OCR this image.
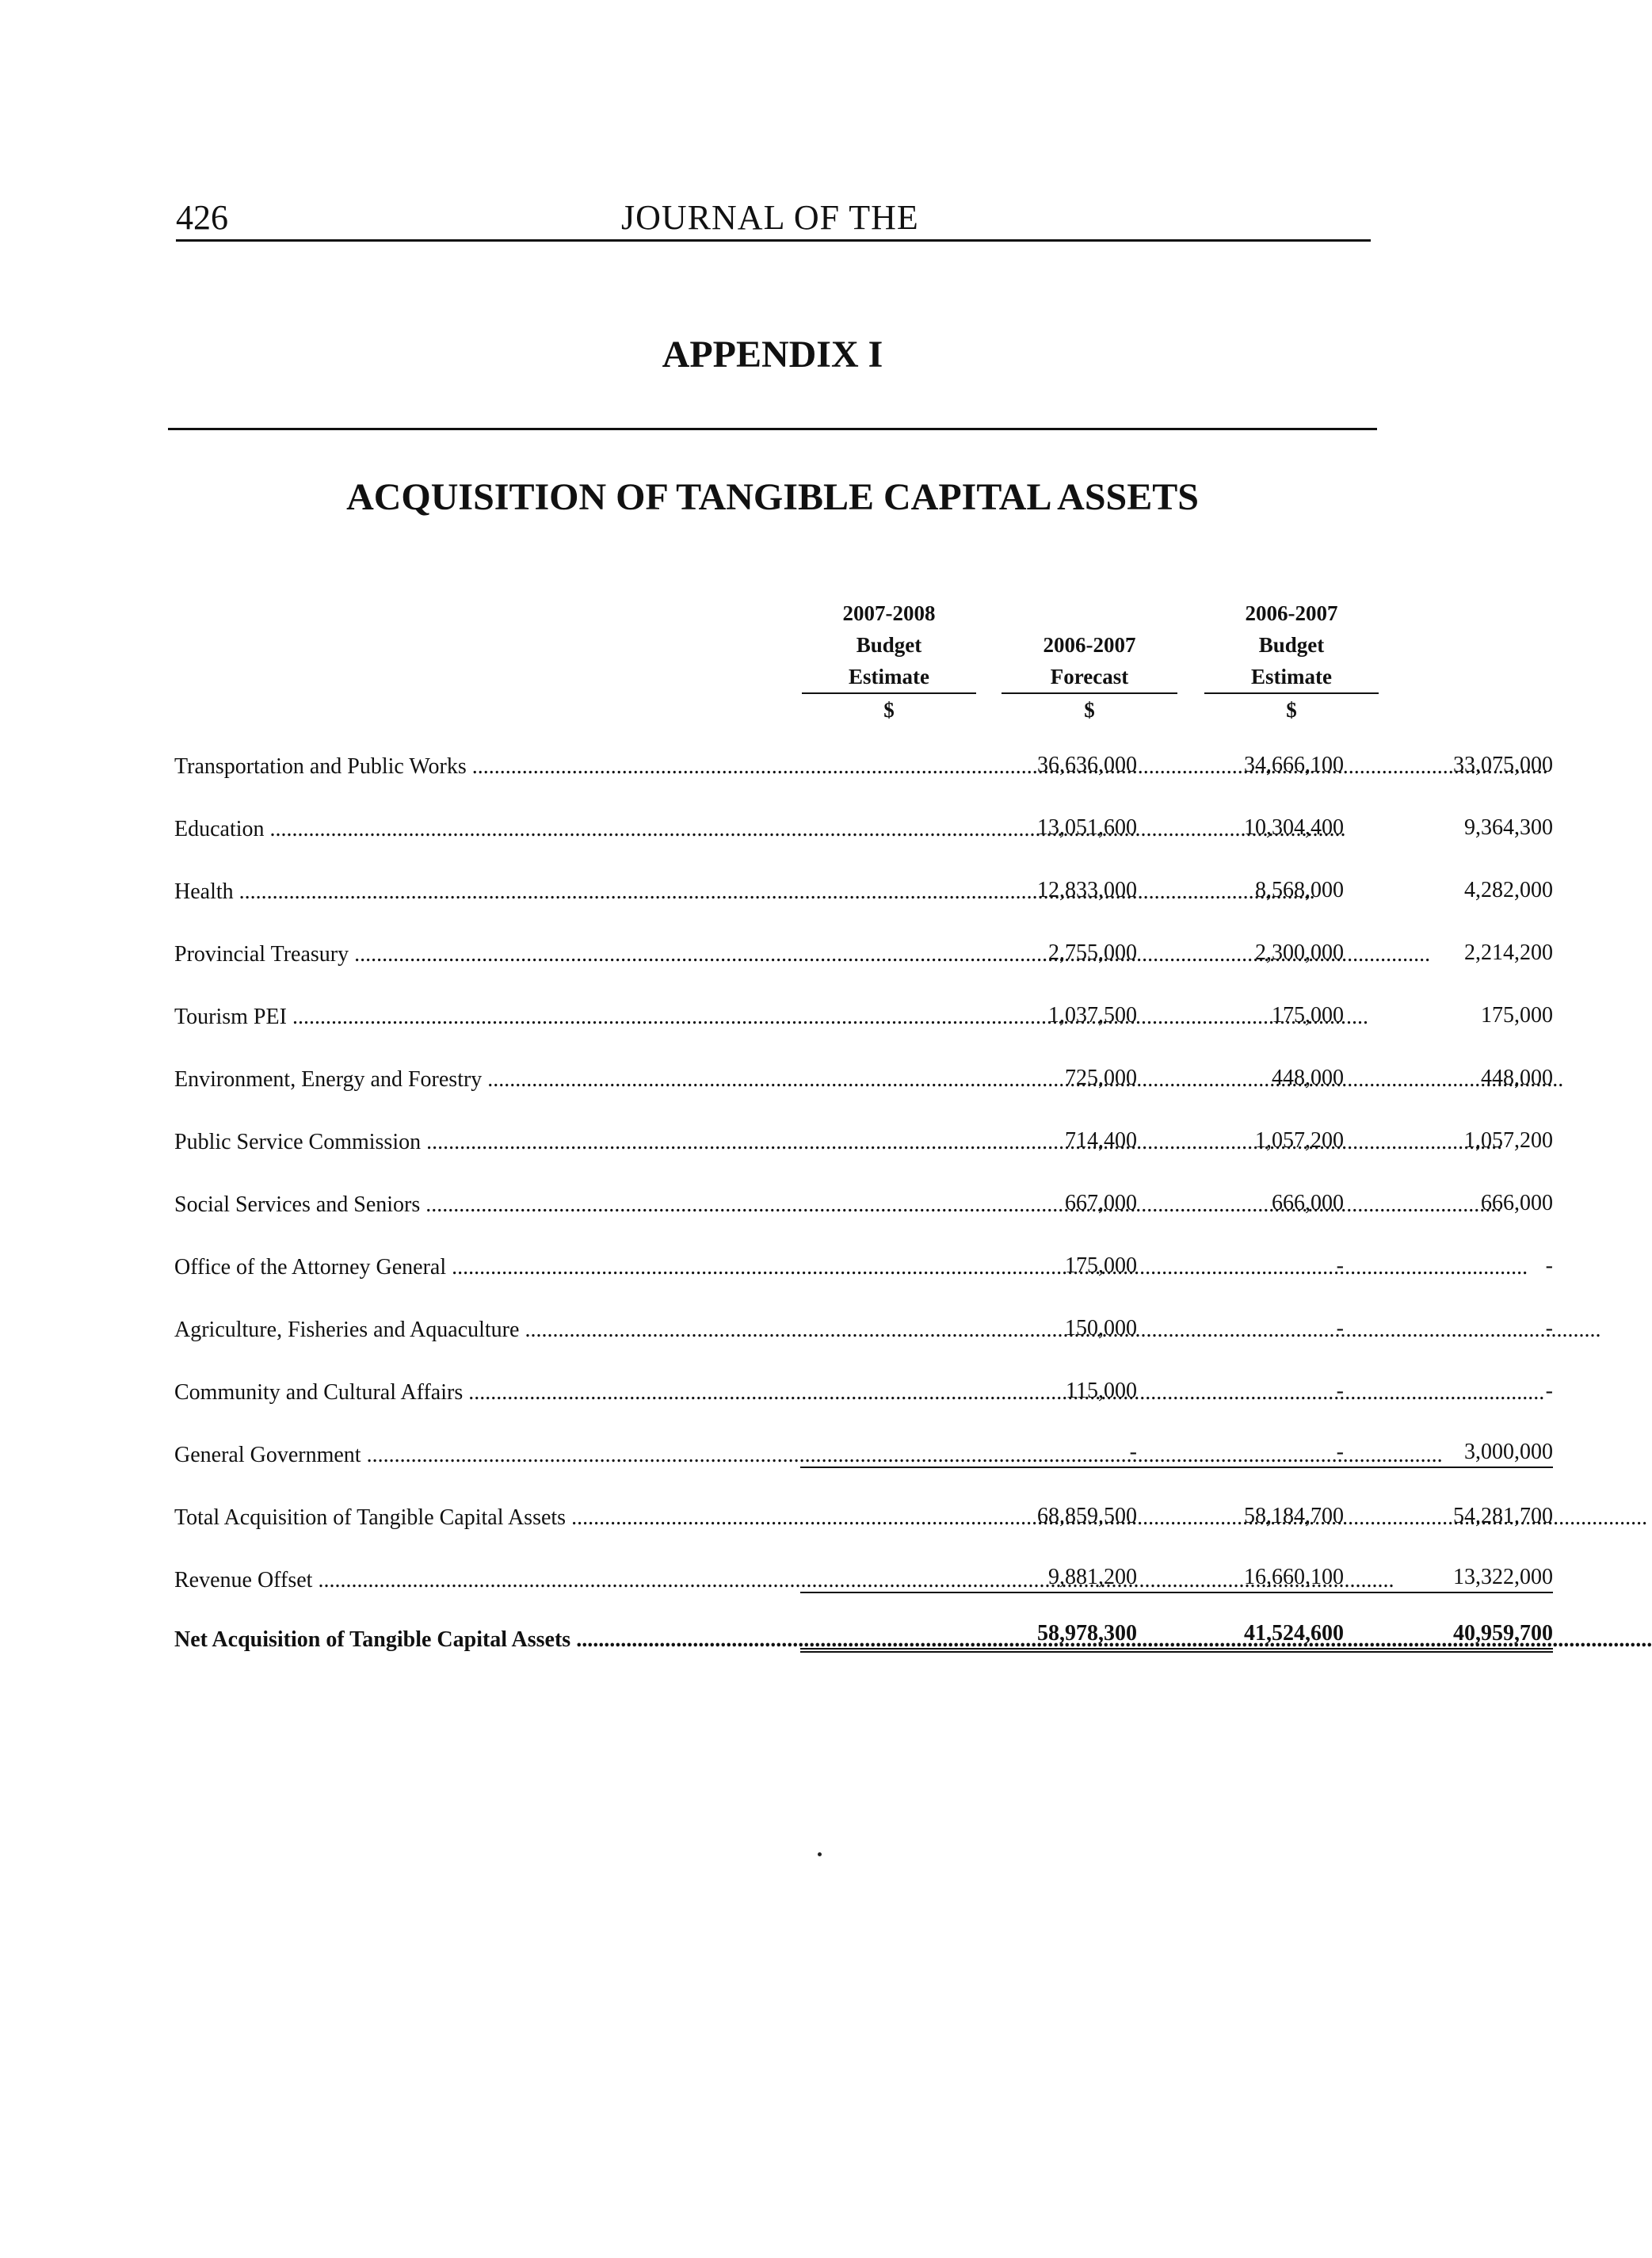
426	JOURNAL OF THE
APPENDIX I
ACQUISITION OF TANGIBLE CAPITAL ASSETS
2007-2008
Budget
Estimate
$
2006-2007
Forecast
$
2006-2007
Budget
Estimate
$
Transportation and Public Works .....	36,636,000	34,666,100	33,075,000
Education .....	13,051,600	10,304,400	9,364,300
Health .....	12,833,000	8,568,000	4,282,000
Provincial Treasury .....	2,755,000	2,300,000	2,214,200
Tourism PEI .....	1,037,500	175,000	175,000
Environment, Energy and Forestry .....	725,000	448,000	448,000
Public Service Commission .....	714,400	1,057,200	1,057,200
Social Services and Seniors .....	667,000	666,000	666,000
Office of the Attorney General .....	175,000	-	-
Agriculture, Fisheries and Aquaculture .....	150,000	-	-
Community and Cultural Affairs .....	115,000	-	-
General Government .....	-	-	3,000,000
Total Acquisition of Tangible Capital Assets .....	68,859,500	58,184,700	54,281,700
Revenue Offset .....	9,881,200	16,660,100	13,322,000
Net Acquisition of Tangible Capital Assets .....	58,978,300	41,524,600	40,959,700
